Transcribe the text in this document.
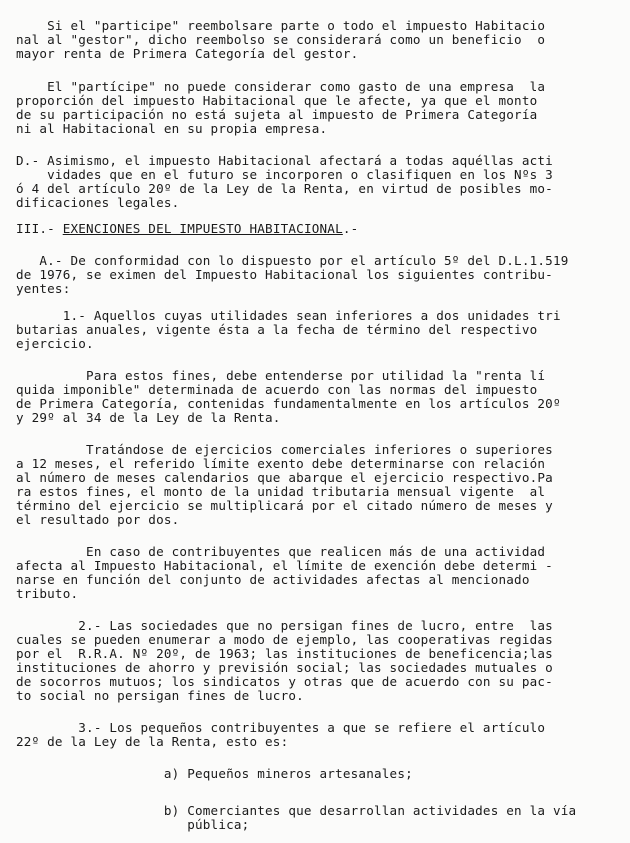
Si el "participe" reembolsare parte o todo el impuesto Habitacio
nal al "gestor", dicho reembolso se considerará como un beneficio  o
mayor renta de Primera Categoría del gestor.
El "partícipe" no puede considerar como gasto de una empresa  la
proporción del impuesto Habitacional que le afecte, ya que el monto
de su participación no está sujeta al impuesto de Primera Categoría
ni al Habitacional en su propia empresa.
D.- Asimismo, el impuesto Habitacional afectará a todas aquéllas acti
vidades que en el futuro se incorporen o clasifiquen en los Nºs 3
ó 4 del artículo 20º de la Ley de la Renta, en virtud de posibles mo-
dificaciones legales.
III.- EXENCIONES DEL IMPUESTO HABITACIONAL.-
A.- De conformidad con lo dispuesto por el artículo 5º del D.L.1.519
de 1976, se eximen del Impuesto Habitacional los siguientes contribu-
yentes:
1.- Aquellos cuyas utilidades sean inferiores a dos unidades tri
butarias anuales, vigente ésta a la fecha de término del respectivo
ejercicio.
Para estos fines, debe entenderse por utilidad la "renta lí
quida imponible" determinada de acuerdo con las normas del impuesto
de Primera Categoría, contenidas fundamentalmente en los artículos 20º
y 29º al 34 de la Ley de la Renta.
Tratándose de ejercicios comerciales inferiores o superiores
a 12 meses, el referido límite exento debe determinarse con relación
al número de meses calendarios que abarque el ejercicio respectivo.Pa
ra estos fines, el monto de la unidad tributaria mensual vigente  al
término del ejercicio se multiplicará por el citado número de meses y
el resultado por dos.
En caso de contribuyentes que realicen más de una actividad
afecta al Impuesto Habitacional, el límite de exención debe determi -
narse en función del conjunto de actividades afectas al mencionado
tributo.
2.- Las sociedades que no persigan fines de lucro, entre  las
cuales se pueden enumerar a modo de ejemplo, las cooperativas regidas
por el  R.R.A. Nº 20º, de 1963; las instituciones de beneficencia;las
instituciones de ahorro y previsión social; las sociedades mutuales o
de socorros mutuos; los sindicatos y otras que de acuerdo con su pac-
to social no persigan fines de lucro.
3.- Los pequeños contribuyentes a que se refiere el artículo
22º de la Ley de la Renta, esto es:
a) Pequeños mineros artesanales;
b) Comerciantes que desarrollan actividades en la vía
pública;
